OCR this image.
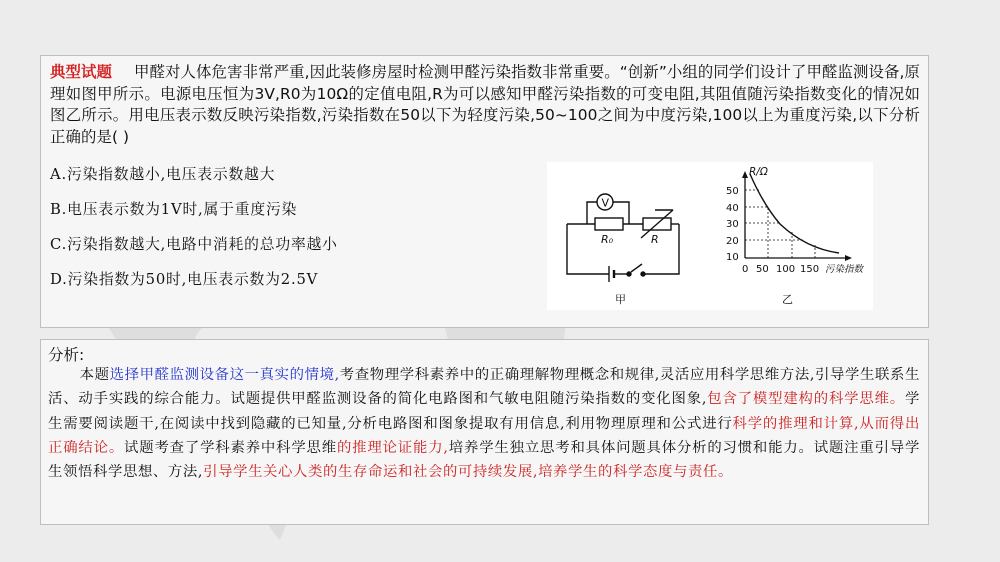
典型试题 甲醛对人体危害非常严重,因此装修房屋时检测甲醛污染指数非常重要。“创新”小组的同学们设计了甲醛监测设备,原理如图甲所示。电源电压恒为3V,R0为10Ω的定值电阻,R为可以感知甲醛污染指数的可变电阻,其阻值随污染指数变化的情况如图乙所示。用电压表示数反映污染指数,污染指数在50以下为轻度污染,50~100之间为中度污染,100以上为重度污染,以下分析正确的是( )
A.污染指数越小,电压表示数越大
B.电压表示数为1V时,属于重度污染
C.污染指数越大,电路中消耗的总功率越小
D.污染指数为50时,电压表示数为2.5V
V
R₀	R
甲
R/Ω
50
40
30
20
10
0 50 100 150 污染指数
乙
分析:

本题选择甲醛监测设备这一真实的情境,考查物理学科素养中的正确理解物理概念和规律,灵活应用科学思维方法,引导学生联系生活、动手实践的综合能力。试题提供甲醛监测设备的简化电路图和气敏电阻随污染指数的变化图象,包含了模型建构的科学思维。学生需要阅读题干,在阅读中找到隐藏的已知量,分析电路图和图象提取有用信息,利用物理原理和公式进行科学的推理和计算,从而得出正确结论。试题考查了学科素养中科学思维的推理论证能力,培养学生独立思考和具体问题具体分析的习惯和能力。试题注重引导学生领悟科学思想、方法,引导学生关心人类的生存命运和社会的可持续发展,培养学生的科学态度与责任。
